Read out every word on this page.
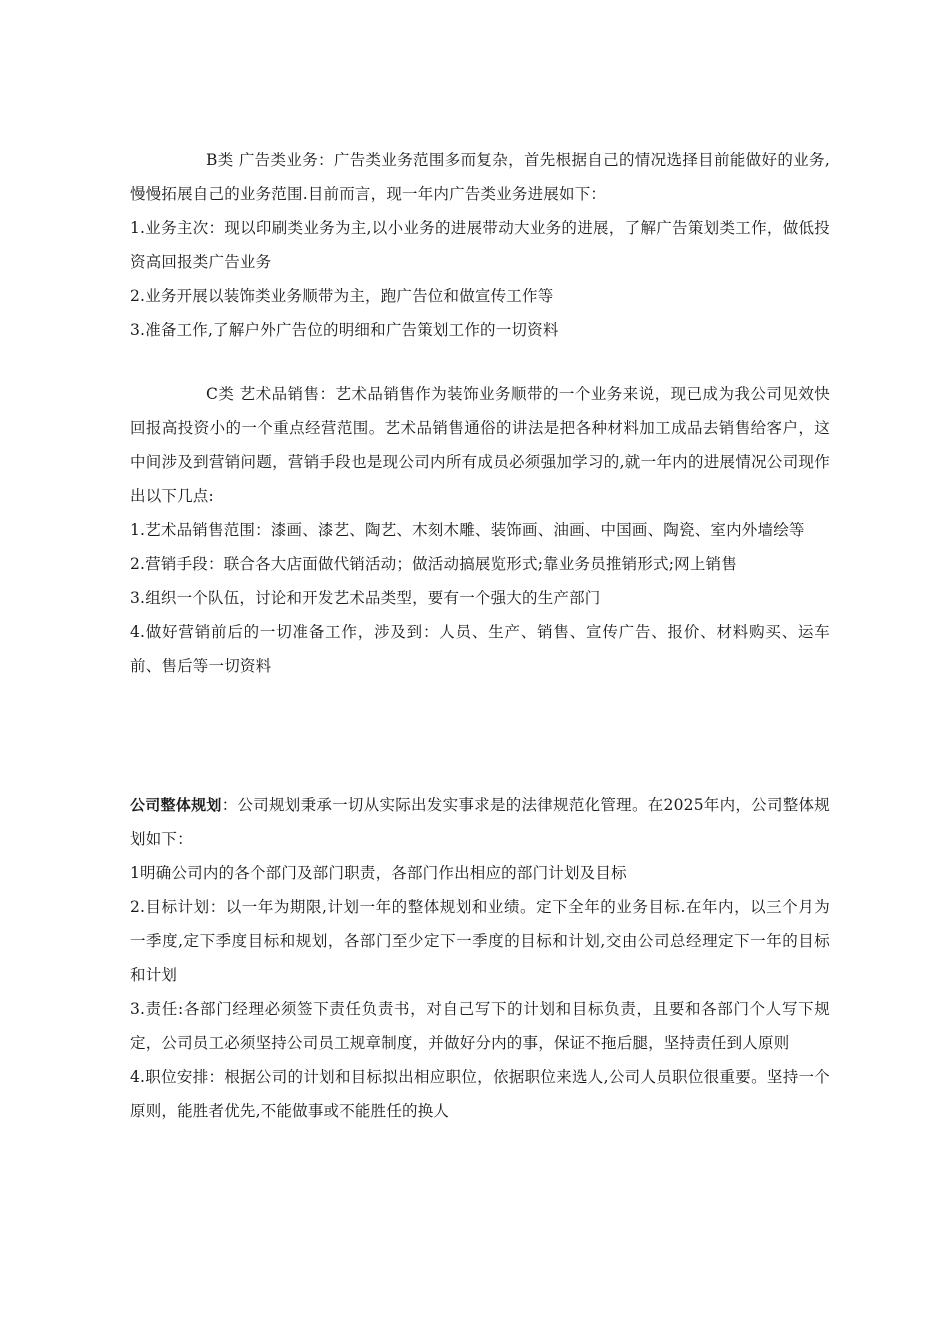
B类 广告类业务：广告类业务范围多而复杂，首先根据自己的情况选择目前能做好的业务,慢慢拓展自己的业务范围.目前而言，现一年内广告类业务进展如下：

1.业务主次：现以印刷类业务为主,以小业务的进展带动大业务的进展，了解广告策划类工作，做低投资高回报类广告业务

2.业务开展以装饰类业务顺带为主，跑广告位和做宣传工作等

3.准备工作,了解户外广告位的明细和广告策划工作的一切资料

C类 艺术品销售：艺术品销售作为装饰业务顺带的一个业务来说，现已成为我公司见效快回报高投资小的一个重点经营范围。艺术品销售通俗的讲法是把各种材料加工成品去销售给客户，这中间涉及到营销问题，营销手段也是现公司内所有成员必须强加学习的,就一年内的进展情况公司现作出以下几点:

1.艺术品销售范围：漆画、漆艺、陶艺、木刻木雕、装饰画、油画、中国画、陶瓷、室内外墙绘等

2.营销手段：联合各大店面做代销活动；做活动搞展览形式;靠业务员推销形式;网上销售

3.组织一个队伍，讨论和开发艺术品类型，要有一个强大的生产部门

4.做好营销前后的一切准备工作，涉及到：人员、生产、销售、宣传广告、报价、材料购买、运车前、售后等一切资料

公司整体规划：公司规划秉承一切从实际出发实事求是的法律规范化管理。在2025年内，公司整体规划如下：

1明确公司内的各个部门及部门职责，各部门作出相应的部门计划及目标

2.目标计划：以一年为期限,计划一年的整体规划和业绩。定下全年的业务目标.在年内，以三个月为一季度,定下季度目标和规划，各部门至少定下一季度的目标和计划,交由公司总经理定下一年的目标和计划

3.责任:各部门经理必须签下责任负责书，对自己写下的计划和目标负责，且要和各部门个人写下规定，公司员工必须坚持公司员工规章制度，并做好分内的事，保证不拖后腿，坚持责任到人原则

4.职位安排：根据公司的计划和目标拟出相应职位，依据职位来选人,公司人员职位很重要。坚持一个原则，能胜者优先,不能做事或不能胜任的换人
